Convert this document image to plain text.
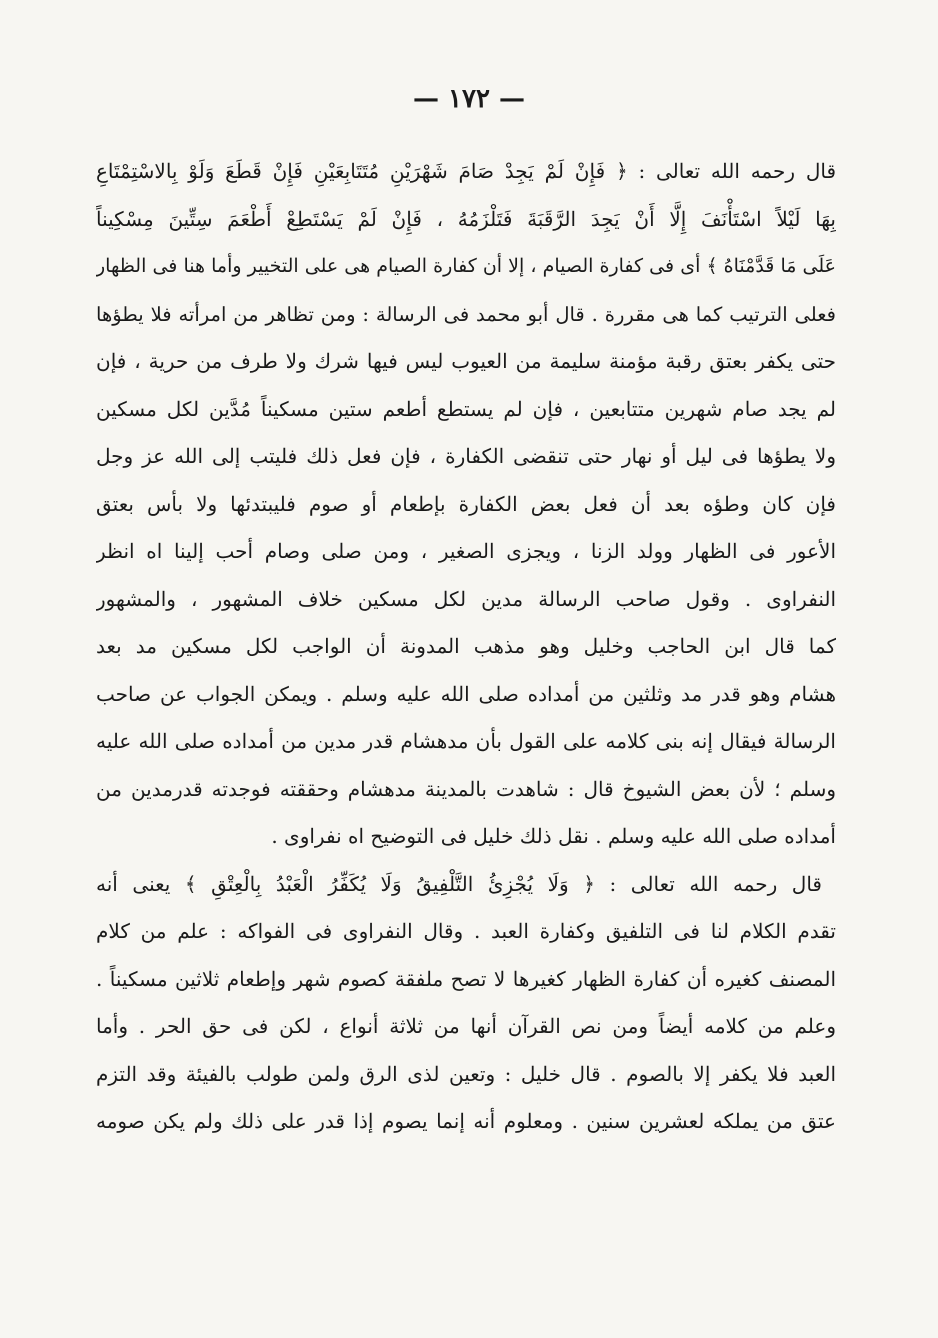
— ١٧٢ —
قال رحمه الله تعالى : ﴿ فَإِنْ لَمْ يَجِدْ صَامَ شَهْرَيْنِ مُتَتَابِعَيْنِ فَإِنْ قَطَعَ وَلَوْ بِالاسْتِمْتَاعِ
بِهَا لَيْلاً اسْتَأْنَفَ إِلَّا أَنْ يَجِدَ الرَّقَبَةَ فَتَلْزَمُهُ ، فَإِنْ لَمْ يَسْتَطِعْ أَطْعَمَ سِتِّينَ مِسْكِيناً
عَلَى مَا قَدَّمْنَاهُ ﴾ أى فى كفارة الصيام ، إلا أن كفارة الصيام هى على التخيير وأما هنا فى الظهار
فعلى الترتيب كما هى مقررة . قال أبو محمد فى الرسالة : ومن تظاهر من امرأته فلا يطؤها
حتى يكفر بعتق رقبة مؤمنة سليمة من العيوب ليس فيها شرك ولا طرف من حرية ، فإن
لم يجد صام شهرين متتابعين ، فإن لم يستطع أطعم ستين مسكيناً مُدَّين لكل مسكين
ولا يطؤها فى ليل أو نهار حتى تنقضى الكفارة ، فإن فعل ذلك فليتب إلى الله عز وجل
فإن كان وطؤه بعد أن فعل بعض الكفارة بإطعام أو صوم فليبتدئها ولا بأس بعتق
الأعور فى الظهار وولد الزنا ، ويجزى الصغير ، ومن صلى وصام أحب إلينا اه انظر
النفراوى . وقول صاحب الرسالة مدين لكل مسكين خلاف المشهور ، والمشهور
كما قال ابن الحاجب وخليل وهو مذهب المدونة أن الواجب لكل مسكين مد بعد
هشام وهو قدر مد وثلثين من أمداده صلى الله عليه وسلم . ويمكن الجواب عن صاحب
الرسالة فيقال إنه بنى كلامه على القول بأن مدهشام قدر مدين من أمداده صلى الله عليه
وسلم ؛ لأن بعض الشيوخ قال : شاهدت بالمدينة مدهشام وحققته فوجدته قدرمدين من
أمداده صلى الله عليه وسلم . نقل ذلك خليل فى التوضيح اه نفراوى .
قال رحمه الله تعالى : ﴿ وَلَا يُجْزِئُ التَّلْفِيقُ وَلَا يُكَفِّرُ الْعَبْدُ بِالْعِتْقِ ﴾ يعنى أنه
تقدم الكلام لنا فى التلفيق وكفارة العبد . وقال النفراوى فى الفواكه : علم من كلام
المصنف كغيره أن كفارة الظهار كغيرها لا تصح ملفقة كصوم شهر وإطعام ثلاثين مسكيناً .
وعلم من كلامه أيضاً ومن نص القرآن أنها من ثلاثة أنواع ، لكن فى حق الحر . وأما
العبد فلا يكفر إلا بالصوم . قال خليل : وتعين لذى الرق ولمن طولب بالفيئة وقد التزم
عتق من يملكه لعشرين سنين . ومعلوم أنه إنما يصوم إذا قدر على ذلك ولم يكن صومه
